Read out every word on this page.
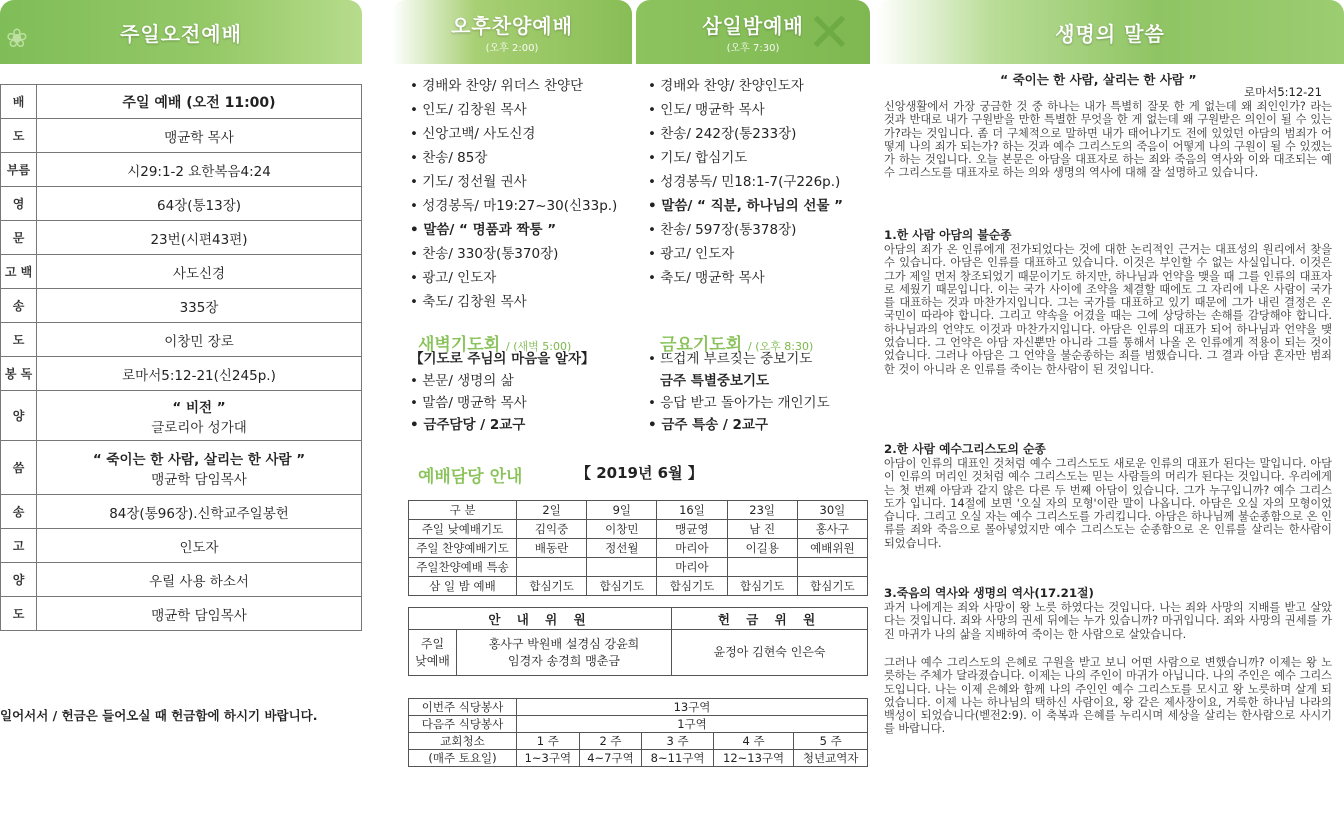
❀	주일오전예배	오후찬양예배
(오후 2:00)
삼일밤예배
(오후 7:30) ✕	생명의 말씀
배	주일 예배 (오전 11:00)
도	맹균학 목사
부름	시29:1-2 요한복음4:24
영	64장(통13장)
문	23번(시편43편)
고 백	사도신경
송	335장
도	이창민 장로
봉 독	로마서5:12-21(신245p.)
양	“ 비전 ”
글로리아 성가대

씀	“ 죽이는 한 사람, 살리는 한 사람 ”
맹균학 담임목사

송	84장(통96장).신학교주일봉헌
고	인도자
양	우릴 사용 하소서
도	맹균학 담임목사
일어서서 / 헌금은 들어오실 때 헌금함에 하시기 바랍니다.
• 경배와 찬양/ 위더스 찬양단
• 인도/ 김창원 목사
• 신앙고백/ 사도신경
• 찬송/ 85장
• 기도/ 정선월 권사
• 성경봉독/ 마19:27~30(신33p.)
• 말씀/ “ 명품과 짝퉁 ”
• 찬송/ 330장(통370장)
• 광고/ 인도자
• 축도/ 김창원 목사
• 경배와 찬양/ 찬양인도자
• 인도/ 맹균학 목사
• 찬송/ 242장(통233장)
• 기도/ 합심기도
• 성경봉독/ 민18:1-7(구226p.)
• 말씀/ “ 직분, 하나님의 선물 ”
• 찬송/ 597장(통378장)
• 광고/ 인도자
• 축도/ 맹균학 목사
새벽기도회 / (새벽 5:00)
【기도로 주님의 마음을 알자】
• 본문/ 생명의 삶
• 말씀/ 맹균학 목사
• 금주담당 / 2교구
금요기도회 / (오후 8:30)
• 뜨겁게 부르짖는 중보기도
금주 특별중보기도
• 응답 받고 돌아가는 개인기도
• 금주 특송 / 2교구
예배담당 안내	【 2019년 6월 】
구 분	2일	9일	16일	23일	30일
주일 낮예배기도	김익중	이창민	맹균영	남 진	홍사구
주일 찬양예배기도	배동란	정선월	마리아	이길용	예배위원
주일찬양예배 특송			마리아		
삼 일 밤 예배	합심기도	합심기도	합심기도	합심기도	합심기도
안 내 위 원		헌 금 위 원
주일
낮예배	홍사구 박원배 설경심 강윤희
임경자 송경희 맹춘금	윤정아 김현숙 인은숙
이번주 식당봉사	13구역				
다음주 식당봉사	1구역				
교회청소	1 주	2 주	3 주	4 주	5 주
(매주 토요일)	1~3구역	4~7구역	8~11구역	12~13구역	청년교역자
“ 죽이는 한 사람, 살리는 한 사람 ”
로마서5:12-21

신앙생활에서 가장 궁금한 것 중 하나는 내가 특별히 잘못 한 게 없는데 왜 죄인인가? 라는 것과 반대로 내가 구원받을 만한 특별한 무엇을 한 게 없는데 왜 구원받은 의인이 될 수 있는가?라는 것입니다. 좀 더 구체적으로 말하면 내가 태어나기도 전에 있었던 아담의 범죄가 어떻게 나의 죄가 되는가? 하는 것과 예수 그리스도의 죽음이 어떻게 나의 구원이 될 수 있겠는가 하는 것입니다. 오늘 본문은 아담을 대표자로 하는 죄와 죽음의 역사와 이와 대조되는 예수 그리스도를 대표자로 하는 의와 생명의 역사에 대해 잘 설명하고 있습니다.

1.한 사람 아담의 불순종

아담의 죄가 온 인류에게 전가되었다는 것에 대한 논리적인 근거는 대표성의 원리에서 찾을 수 있습니다. 아담은 인류를 대표하고 있습니다. 이것은 부인할 수 없는 사실입니다. 이것은 그가 제일 먼저 창조되었기 때문이기도 하지만, 하나님과 언약을 맺을 때 그를 인류의 대표자로 세웠기 때문입니다. 이는 국가 사이에 조약을 체결할 때에도 그 자리에 나온 사람이 국가를 대표하는 것과 마찬가지입니다. 그는 국가를 대표하고 있기 때문에 그가 내린 결정은 온 국민이 따라야 합니다. 그리고 약속을 어겼을 때는 그에 상당하는 손해를 감당해야 합니다. 하나님과의 언약도 이것과 마찬가지입니다. 아담은 인류의 대표가 되어 하나님과 언약을 맺었습니다. 그 언약은 아담 자신뿐만 아니라 그를 통해서 나올 온 인류에게 적용이 되는 것이었습니다. 그러나 아담은 그 언약을 불순종하는 죄를 범했습니다. 그 결과 아담 혼자만 범죄한 것이 아니라 온 인류를 죽이는 한사람이 된 것입니다.

2.한 사람 예수그리스도의 순종

아담이 인류의 대표인 것처럼 예수 그리스도도 새로운 인류의 대표가 된다는 말입니다. 아담이 인류의 머리인 것처럼 예수 그리스도는 믿는 사람들의 머리가 된다는 것입니다. 우리에게는 첫 번째 아담과 같지 않은 다른 두 번째 아담이 있습니다. 그가 누구입니까? 예수 그리스도가 입니다. 14절에 보면 '오실 자의 모형'이란 말이 나옵니다. 아담은 오실 자의 모형이었습니다. 그리고 오실 자는 예수 그리스도를 가리킵니다. 아담은 하나님께 불순종함으로 온 인류를 죄와 죽음으로 몰아넣었지만 예수 그리스도는 순종함으로 온 인류를 살리는 한사람이 되었습니다.

3.죽음의 역사와 생명의 역사(17.21절)

과거 나에게는 죄와 사망이 왕 노릇 하였다는 것입니다. 나는 죄와 사망의 지배를 받고 살았다는 것입니다. 죄와 사망의 권세 뒤에는 누가 있습니까? 마귀입니다. 죄와 사망의 권세를 가진 마귀가 나의 삶을 지배하여 죽이는 한 사람으로 살았습니다.

그러나 예수 그리스도의 은혜로 구원을 받고 보니 어떤 사람으로 변했습니까? 이제는 왕 노릇하는 주체가 달라졌습니다. 이제는 나의 주인이 마귀가 아닙니다. 나의 주인은 예수 그리스도입니다. 나는 이제 은혜와 함께 나의 주인인 예수 그리스도를 모시고 왕 노릇하며 살게 되었습니다. 이제 나는 하나님의 택하신 사람이요, 왕 같은 제사장이요, 거룩한 하나님 나라의 백성이 되었습니다(벧전2:9). 이 축복과 은혜를 누리시며 세상을 살리는 한사람으로 사시기를 바랍니다.
